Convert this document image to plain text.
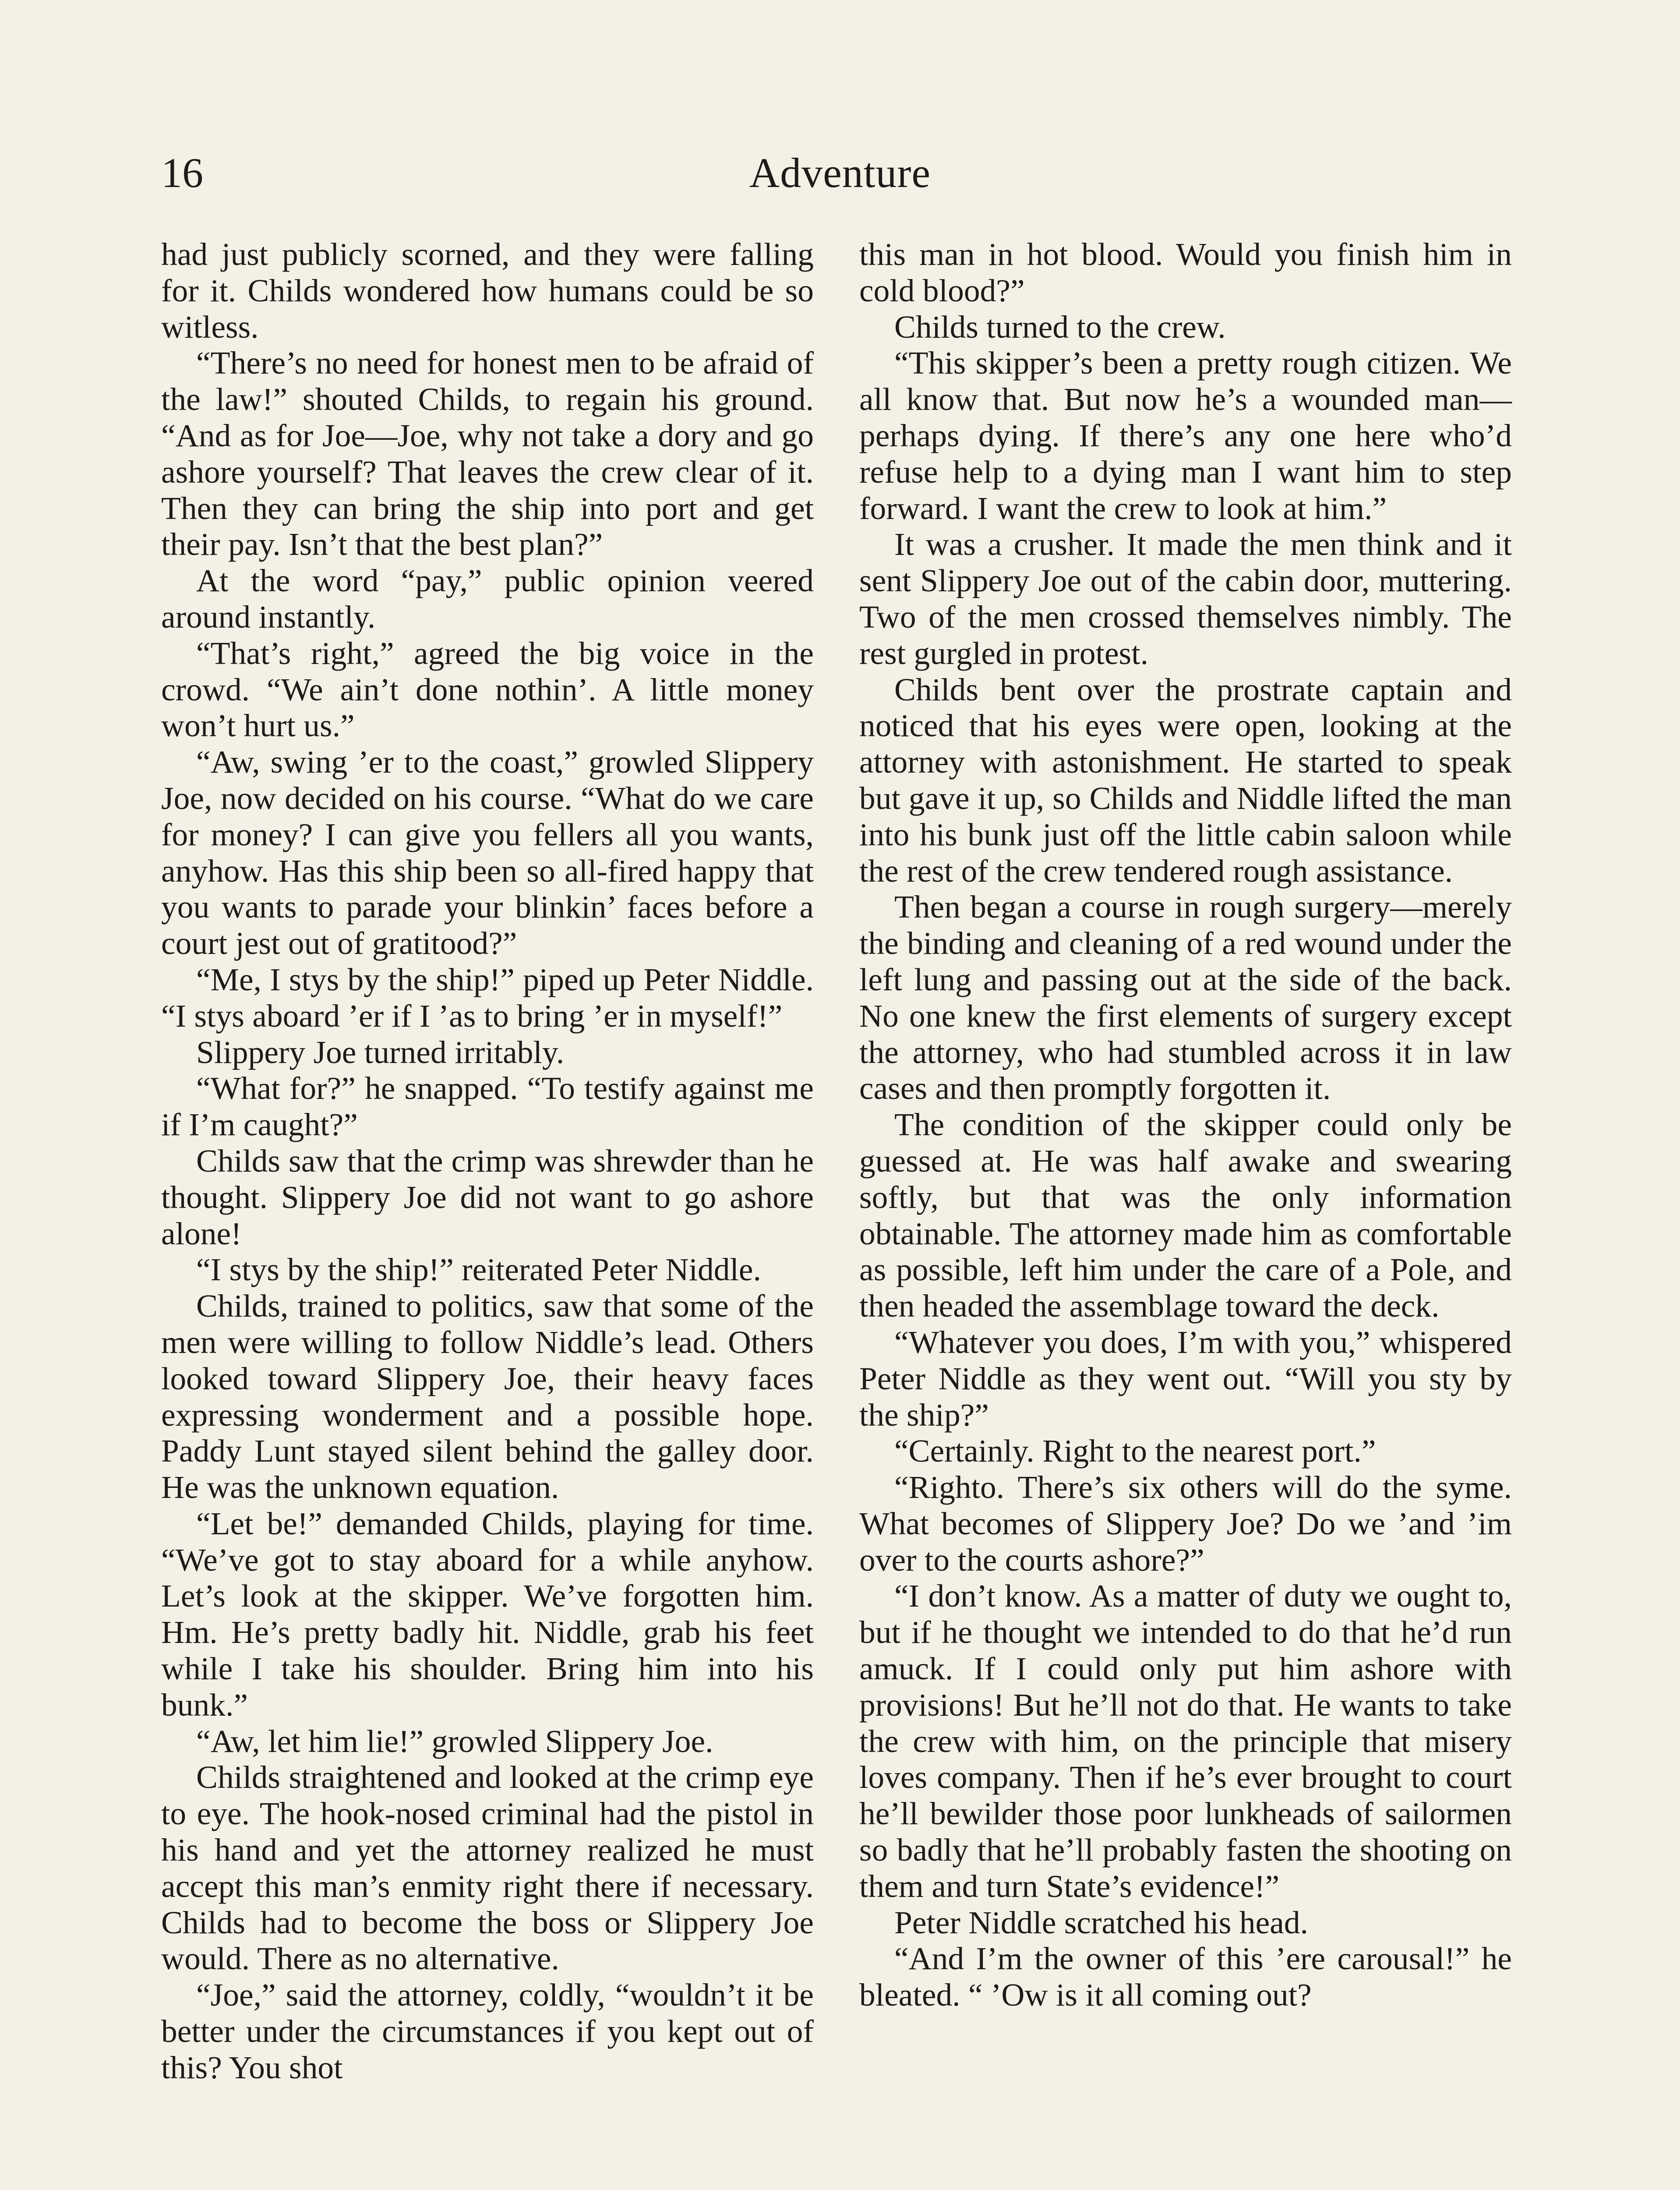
16	Adventure

had just publicly scorned, and they were falling for it. Childs wondered how humans could be so witless.

“There’s no need for honest men to be afraid of the law!” shouted Childs, to regain his ground. “And as for Joe—Joe, why not take a dory and go ashore yourself? That leaves the crew clear of it. Then they can bring the ship into port and get their pay. Isn’t that the best plan?”

At the word “pay,” public opinion veered around instantly.

“That’s right,” agreed the big voice in the crowd. “We ain’t done nothin’. A little money won’t hurt us.”

“Aw, swing ’er to the coast,” growled Slippery Joe, now decided on his course. “What do we care for money? I can give you fellers all you wants, anyhow. Has this ship been so all-fired happy that you wants to parade your blinkin’ faces before a court jest out of gratitood?”

“Me, I stys by the ship!” piped up Peter Niddle. “I stys aboard ’er if I ’as to bring ’er in myself!”

Slippery Joe turned irritably.

“What for?” he snapped. “To testify against me if I’m caught?”

Childs saw that the crimp was shrewder than he thought. Slippery Joe did not want to go ashore alone!

“I stys by the ship!” reiterated Peter Niddle.

Childs, trained to politics, saw that some of the men were willing to follow Niddle’s lead. Others looked toward Slippery Joe, their heavy faces expressing wonderment and a possible hope. Paddy Lunt stayed silent behind the galley door. He was the unknown equation.

“Let be!” demanded Childs, playing for time. “We’ve got to stay aboard for a while anyhow. Let’s look at the skipper. We’ve forgotten him. Hm. He’s pretty badly hit. Niddle, grab his feet while I take his shoulder. Bring him into his bunk.”

“Aw, let him lie!” growled Slippery Joe.

Childs straightened and looked at the crimp eye to eye. The hook-nosed criminal had the pistol in his hand and yet the attorney realized he must accept this man’s enmity right there if necessary. Childs had to become the boss or Slippery Joe would. There as no alternative.

“Joe,” said the attorney, coldly, “wouldn’t it be better under the circumstances if you kept out of this? You shot

this man in hot blood. Would you finish him in cold blood?”

Childs turned to the crew.

“This skipper’s been a pretty rough citizen. We all know that. But now he’s a wounded man—perhaps dying. If there’s any one here who’d refuse help to a dying man I want him to step forward. I want the crew to look at him.”

It was a crusher. It made the men think and it sent Slippery Joe out of the cabin door, muttering. Two of the men crossed themselves nimbly. The rest gurgled in protest.

Childs bent over the prostrate captain and noticed that his eyes were open, looking at the attorney with astonishment. He started to speak but gave it up, so Childs and Niddle lifted the man into his bunk just off the little cabin saloon while the rest of the crew tendered rough assistance.

Then began a course in rough surgery—merely the binding and cleaning of a red wound under the left lung and passing out at the side of the back. No one knew the first elements of surgery except the attorney, who had stumbled across it in law cases and then promptly forgotten it.

The condition of the skipper could only be guessed at. He was half awake and swearing softly, but that was the only information obtainable. The attorney made him as comfortable as possible, left him under the care of a Pole, and then headed the assemblage toward the deck.

“Whatever you does, I’m with you,” whispered Peter Niddle as they went out. “Will you sty by the ship?”

“Certainly. Right to the nearest port.”

“Righto. There’s six others will do the syme. What becomes of Slippery Joe? Do we ’and ’im over to the courts ashore?”

“I don’t know. As a matter of duty we ought to, but if he thought we intended to do that he’d run amuck. If I could only put him ashore with provisions! But he’ll not do that. He wants to take the crew with him, on the principle that misery loves company. Then if he’s ever brought to court he’ll bewilder those poor lunkheads of sailormen so badly that he’ll probably fasten the shooting on them and turn State’s evidence!”

Peter Niddle scratched his head.

“And I’m the owner of this ’ere carousal!” he bleated. “ ’Ow is it all coming out?
